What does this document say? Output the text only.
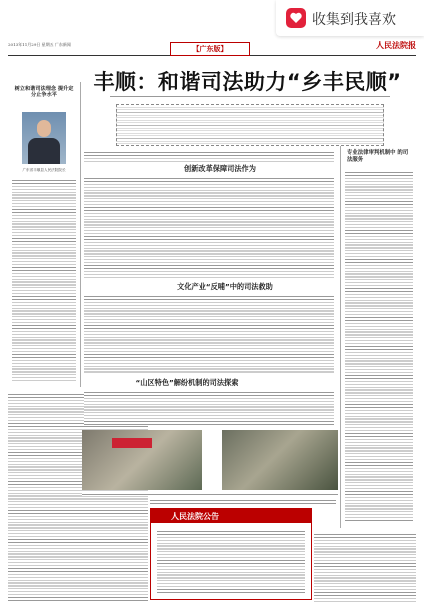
2013年11月29日 星期五 广东新闻
【广东版】	人民法院报
收集到我喜欢
丰顺：和谐司法助力“乡丰民顺”
树立和谐司法理念 提升定分止争水平
广东省丰顺县人民法院院长	创新改革保障司法作为
文化产业“反哺”中的司法救助
“山区特色”解纷机制的司法探索
专业法律审判机制中 的司法服务
人民法院公告
